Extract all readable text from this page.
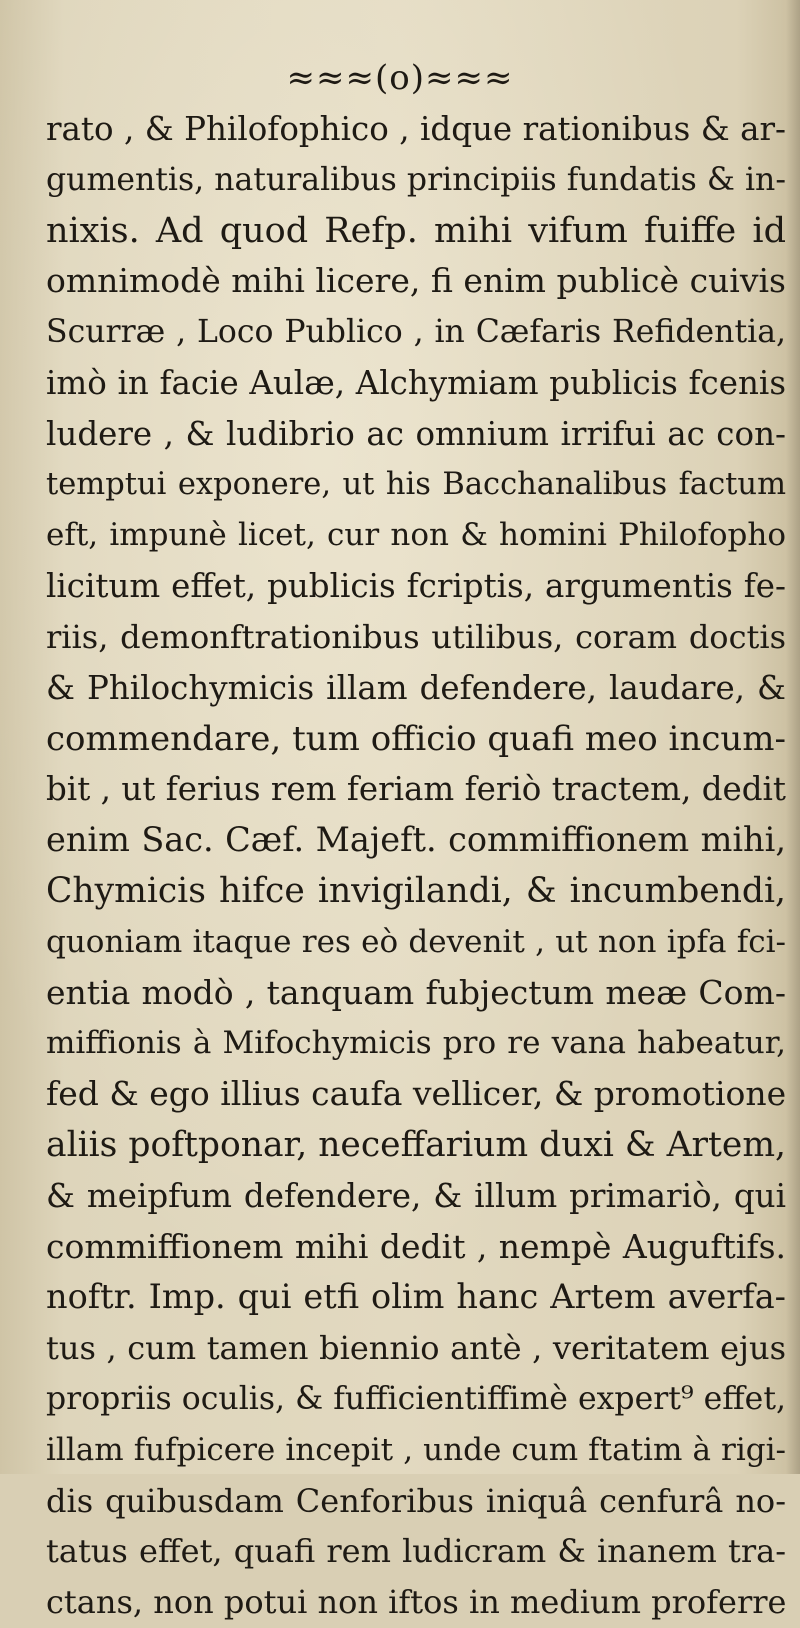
≈≈≈(o)≈≈≈
rato , & Philofophico , idque rationibus & ar-
gumentis, naturalibus principiis fundatis & in-
nixis. Ad quod Refp. mihi vifum fuiffe id
omnimodè mihi licere, fi enim publicè cuivis
Scurræ , Loco Publico , in Cæfaris Refidentia,
imò in facie Aulæ, Alchymiam publicis fcenis
ludere , & ludibrio ac omnium irrifui ac con-
temptui exponere, ut his Bacchanalibus factum
eft, impunè licet, cur non & homini Philofopho
licitum effet, publicis fcriptis, argumentis fe-
riis, demonftrationibus utilibus, coram doctis
& Philochymicis illam defendere, laudare, &
commendare, tum officio quafi meo incum-
bit , ut ferius rem feriam feriò tractem, dedit
enim Sac. Cæf. Majeft. commiffionem mihi,
Chymicis hifce invigilandi, & incumbendi,
quoniam itaque res eò devenit , ut non ipfa fci-
entia modò , tanquam fubjectum meæ Com-
miffionis à Mifochymicis pro re vana habeatur,
fed & ego illius caufa vellicer, & promotione
aliis poftponar, neceffarium duxi & Artem,
& meipfum defendere, & illum primariò, qui
commiffionem mihi dedit , nempè Auguftifs.
noftr. Imp. qui etfi olim hanc Artem averfa-
tus , cum tamen biennio antè , veritatem ejus
propriis oculis, & fufficientiffimè expert⁹ effet,
illam fufpicere incepit , unde cum ftatim à rigi-
dis quibusdam Cenforibus iniquâ cenfurâ no-
tatus effet, quafi rem ludicram & inanem tra-
ctans, non potui non iftos in medium proferre
